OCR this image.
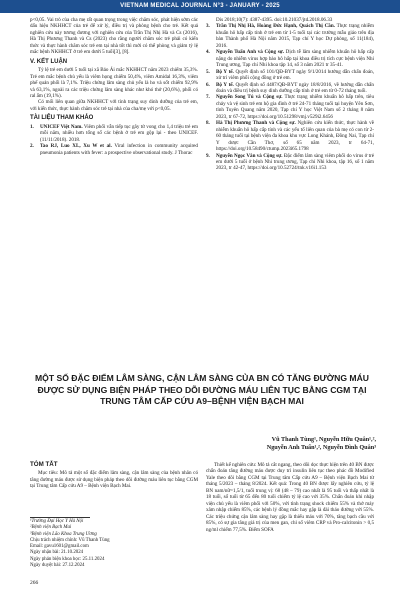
VIETNAM MEDICAL JOURNAL N°3 - JANUARY - 2025

p<0,05. Vai trò của cha mẹ rất quan trọng trong việc chăm sóc, phát hiện sớm các dấu hiệu NKHHCT của trẻ để xử lý, điều trị và phòng bệnh cho trẻ. Kết quả nghiên cứu này tương đương với nghiên cứu của Trần Thị Nhị Hà và Cs (2016), Hà Thị Phương Thanh và Cs (2023) cho rằng người chăm sóc trẻ phải có kiến thức và thực hành chăm sóc trẻ em tại nhà tốt thì mới có thể phòng và giảm tỷ lệ mắc bệnh NKHHCT ở trẻ em dưới 5 tuổi[3], [8].

V. KẾT LUẬN

Tỷ lệ trẻ em dưới 5 tuổi tại xã Bảo Ái mắc NKHHCT năm 2023 chiếm 35,3%. Trẻ em mắc bệnh chủ yếu là viêm họng chiếm 50,4%, viêm Amidal 16,3%, viêm phế quản phổi là 7,1%. Triệu chứng lâm sàng chủ yếu là ho và sốt chiếm 92,9% và 63,1%, ngoài ra các triệu chứng lâm sàng khác như khó thở (20,6%), phổi có ral ẩm (19,1%).

Có mối liên quan giữa NKHHCT với tình trạng suy dinh dưỡng của trẻ em, với kiến thức, thực hành chăm sóc trẻ tại nhà của cha/mẹ với p<0,05.

TÀI LIỆU THAM KHẢO
1.	UNICEF Việt Nam. Viêm phổi vẫn tiếp tục gây tử vong cho 1,4 triệu trẻ em mỗi năm, nhiều hơn tổng số các bệnh ở trẻ em gộp lại - theo UNICEF. (11/11/2018). 2018.
2.	Tao RJ, Luo XL, Xu W et al. Viral infection in community acquired pneumonia patients with fever: a prospective observational study. J Thorac
Dis 2018;10(7): 4387-4395. doi:10.21037/jtd.2018.06.33
3.	Trần Thị Nhị Hà, Hoàng Đức Hạnh, Quách Thị Cần. Thực trạng nhiễm khuẩn hô hấp cấp tính ở trẻ em từ 1-5 tuổi tại các trường mẫu giáo trên địa bàn Thành phố Hà Nội năm 2015, Tạp chí Y học Dự phòng, số 11(184), 2016.
4.	Nguyễn Tuấn Anh và Cộng sự. Dịch tễ lâm sàng nhiễm khuẩn hô hấp cấp nặng do nhiễm virus hợp bào hô hấp tại khoa điều trị tích cực bệnh viện Nhi Trung ương, Tạp chí Nhi khoa tập 14, số 3 năm 2021 tr 35-41.
5.	Bộ Y tế. Quyết định số 101/QĐ-BYT ngày 9/1/2014 hướng dẫn chẩn đoán, xử trí viêm phổi cộng đồng ở trẻ em.
6.	Bộ Y tế. Quyết định số 4487/QĐ-BYT ngày 18/8/2016, về hướng dẫn chẩn đoán và điều trị bệnh suy dinh dưỡng cấp tính ở trẻ em từ 0-72 tháng tuổi.
7.	Nguyễn Song Tú và Cộng sự. Thực trạng nhiễm khuẩn hô hấp trên, tiêu chảy và vệ sinh trẻ em hộ gia đình ở trẻ 24-71 tháng tuổi tại huyện Yên Sơn, tỉnh Tuyên Quang năm 2020, Tạp chí Y học Việt Nam số 2 tháng 8 năm 2023, tr 67-72, https://doi.org/10.51298/vmj.v529i2.6456
8.	Hà Thị Phương Thanh và Cộng sự. Nghiên cứu kiến thức, thực hành về nhiễm khuẩn hô hấp cấp tính và các yếu tố liên quan của bà mẹ có con từ 2-60 tháng tuổi tại bệnh viện đa khoa khu vực Long Khánh, Đồng Nai, Tạp chí Y dược Cần Thơ, số 65 năm 2023, tr 64-71, https://doi.org/10.58490/ctump.2023i65.1798
9.	Nguyễn Ngọc Vân và Cộng sự. Đặc điểm lâm sàng viêm phổi do virus ở trẻ em dưới 5 tuổi ở bệnh Nhi trung ương, Tạp chí Nhi khoa, tập 16, số 1 năm 2023, tr 42-47, https://doi.org/10.52724/tnk.v16i1.153
MỘT SỐ ĐẶC ĐIỂM LÂM SÀNG, CẬN LÂM SÀNG CỦA BN CÓ TĂNG ĐƯỜNG MÁU ĐƯỢC SỬ DỤNG BIỆN PHÁP THEO DÕI ĐƯỜNG MÁU LIÊN TỤC BẰNG CGM TẠI TRUNG TÂM CẤP CỨU A9–BỆNH VIỆN BẠCH MAI
Vũ Thanh Tùng¹, Nguyễn Hữu Quân¹,²,
Nguyễn Anh Tuấn¹,², Nguyễn Đình Quân³
TÓM TẮT

Mục tiêu: Mô tả một số đặc điểm lâm sàng, cận lâm sàng của bệnh nhân có tăng đường máu được sử dụng biện pháp theo dõi đường máu liên tục bằng CGM tại Trung tâm Cấp cứu A9 – Bệnh viện Bạch Mai.

¹Trường Đại Học Y Hà Nội
²Bệnh viện Bạch Mai
³Bệnh viện Lão Khoa Trung Ương
Chịu trách nhiệm chính: Vũ Thanh Tùng
Email: gavu1601@gmail.com
Ngày nhận bài: 21.10.2024
Ngày phản biện khoa học: 25.11.2024
Ngày duyệt bài: 27.12.2024

Thiết kế nghiên cứu: Mô tả cắt ngang, theo dõi dọc thực hiện trên 40 BN được chẩn đoán tăng đường máu được duy trì insulin liên tục theo phác đồ Modified Yale theo dõi bằng CGM tại Trung tâm Cấp cứu A9 – Bệnh viện Bạch Mai từ tháng 5/2023 – tháng 8/2024. Kết quả: Trong 40 BN được lấy nghiên cứu, tỷ lệ BN nam/nữ=1,5/1, tuổi trung vị: 68 (48 – 79) cao nhất là 95 tuổi và thấp nhất là 18 tuổi, số tuổi từ 65 đến 80 tuổi chiếm tỷ lệ cao với 35%. Chẩn đoán khi nhập viện chủ yếu là viêm phổi với 50%, với tình trạng shock chiếm 55% và thở máy xâm nhập chiếm 85%, các bệnh lý đồng mắc hay gặp là đái tháo đường với 55%. Các triệu chứng cận lâm sàng hay gặp là thiếu máu với 70%, tăng bạch cầu với 85%, có sự gia tăng giá trị của men gan, chỉ số viêm CRP và Pro-calcitonin > 0,5 ng/ml chiếm 77,5%. Điểm SOFA

266
